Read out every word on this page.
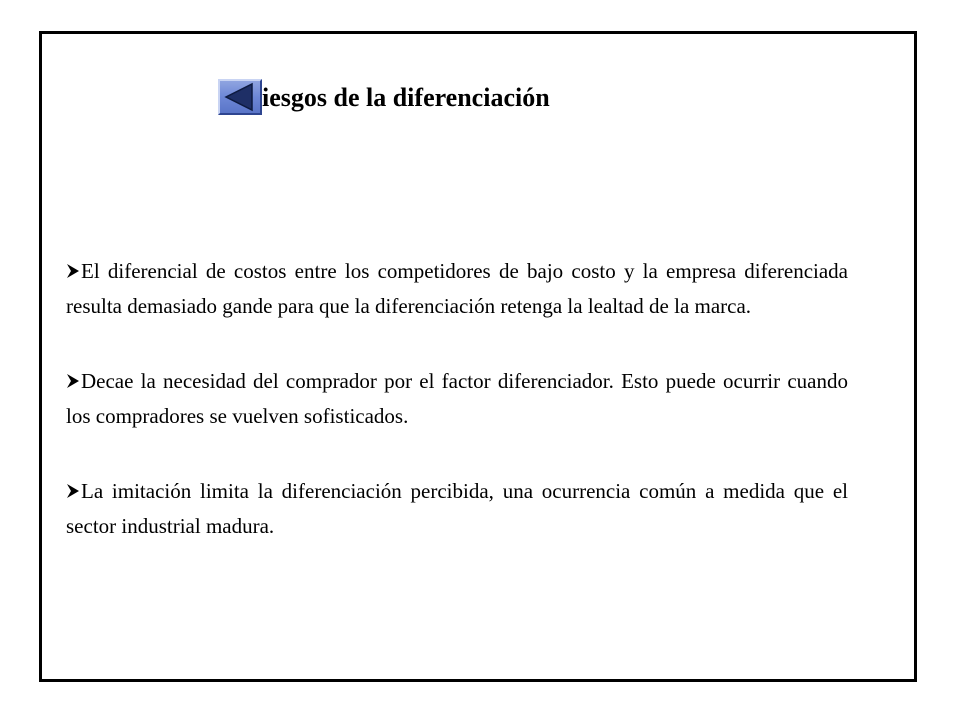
iesgos de la diferenciación

El diferencial de costos entre los competidores de bajo costo y la empresa diferenciada resulta demasiado gande para que la diferenciación retenga la lealtad de la marca.

Decae la necesidad del comprador por el factor diferenciador. Esto puede ocurrir cuando los compradores se vuelven sofisticados.

La imitación limita la diferenciación percibida, una ocurrencia común a medida que el sector industrial madura.
